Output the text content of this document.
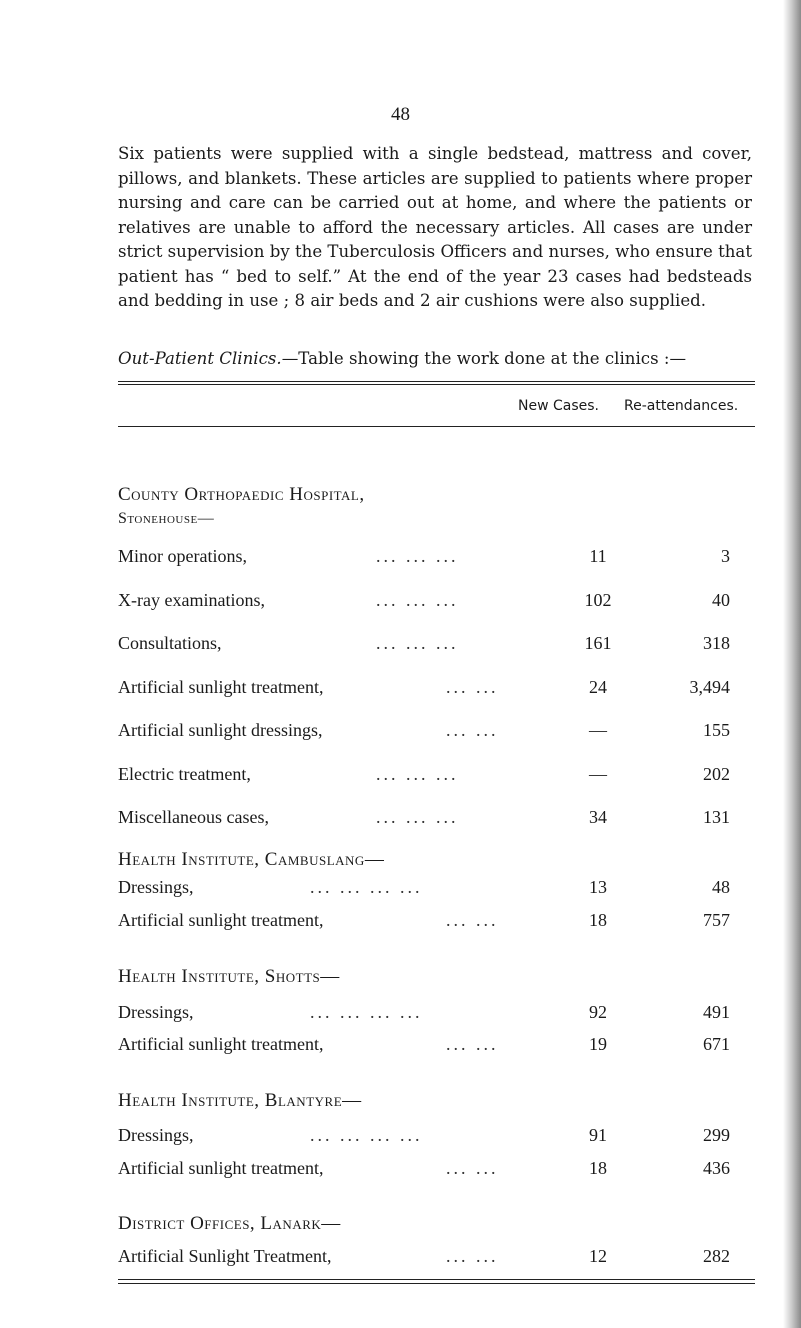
48

Six patients were supplied with a single bedstead, mattress and cover, pillows, and blankets. These articles are supplied to patients where proper nursing and care can be carried out at home, and where the patients or relatives are unable to afford the necessary articles. All cases are under strict supervision by the Tuberculosis Officers and nurses, who ensure that patient has “ bed to self.” At the end of the year 23 cases had bedsteads and bedding in use ; 8 air beds and 2 air cushions were also supplied.

Out-Patient Clinics.—Table showing the work done at the clinics :—
New Cases. Re-attendances.
County Orthopaedic Hospital,
Stonehouse—
Minor operations,	... ... ...	11	3
X-ray examinations,	... ... ...	102	40
Consultations,	... ... ...	161	318
Artificial sunlight treatment,	... ...	24	3,494
Artificial sunlight dressings,	... ...	—	155
Electric treatment,	... ... ...	—	202
Miscellaneous cases,	... ... ...	34	131
Health Institute, Cambuslang—
Dressings,	... ... ... ...	13	48
Artificial sunlight treatment,	... ...	18	757
Health Institute, Shotts—
Dressings,	... ... ... ...	92	491
Artificial sunlight treatment,	... ...	19	671
Health Institute, Blantyre—
Dressings,	... ... ... ...	91	299
Artificial sunlight treatment,	... ...	18	436
District Offices, Lanark—
Artificial Sunlight Treatment,	... ...	12	282
